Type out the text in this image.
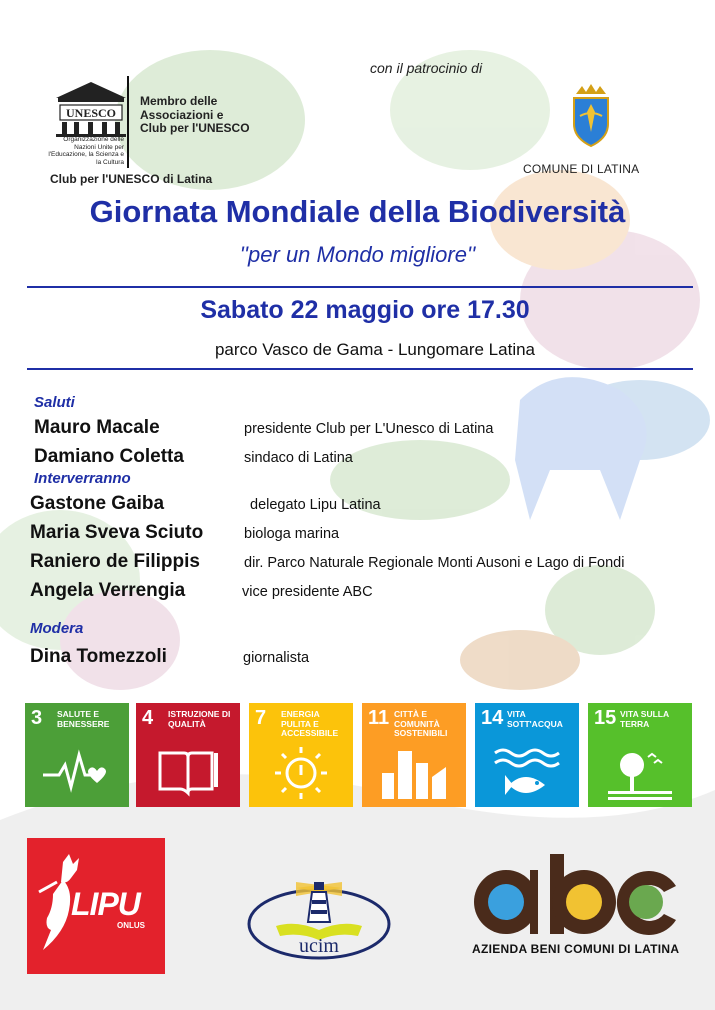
UNESCO
Organizzazione delle Nazioni Unite per l'Educazione, la Scienza e la Cultura
Membro delle
Associazioni e
Club per l'UNESCO
Club per l'UNESCO di Latina
con il patrocinio di
COMUNE DI LATINA
Giornata Mondiale della Biodiversità
''per un Mondo migliore''
Sabato 22 maggio ore 17.30
parco Vasco de Gama - Lungomare Latina
Saluti
Mauro Macale	presidente Club per L'Unesco di Latina
Damiano Coletta	sindaco di Latina
Interverranno
Gastone Gaiba	delegato Lipu Latina
Maria Sveva Sciuto	biologa marina
Raniero de Filippis	dir. Parco Naturale Regionale Monti Ausoni e Lago di Fondi
Angela Verrengia	vice presidente ABC
Modera
Dina Tomezzoli	giornalista
3 SALUTE E BENESSERE	4 ISTRUZIONE DI QUALITÀ	7 ENERGIA PULITA E ACCESSIBILE
11 CITTÀ E COMUNITÀ SOSTENIBILI
14 VITA SOTT'ACQUA	15 VITA SULLA TERRA
LIPU
ONLUS
ucim	AZIENDA BENI COMUNI DI LATINA
